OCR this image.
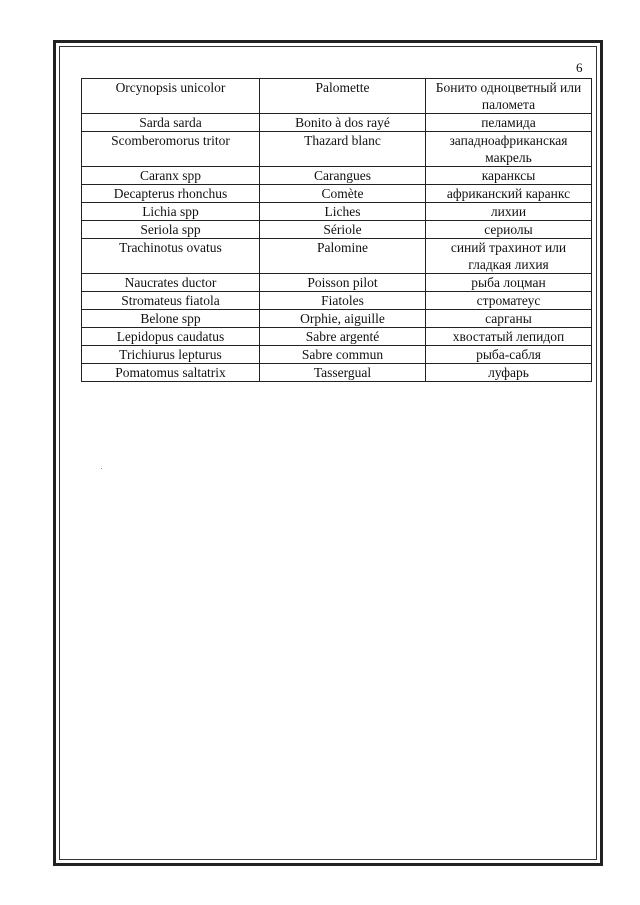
6
Orcynopsis unicolor	Palomette	Бонито одноцветный или паломета
Sarda sarda	Bonito à dos rayé	пеламида
Scomberomorus tritor	Thazard blanc	западноафриканская макрель
Caranx spp	Carangues	каранксы
Decapterus rhonchus	Comète	африканский каранкс
Lichia spp	Liches	лихии
Seriola spp	Sériole	сериолы
Trachinotus ovatus	Palomine	синий трахинот или гладкая лихия
Naucrates ductor	Poisson pilot	рыба лоцман
Stromateus fiatola	Fiatoles	строматеус
Belone spp	Orphie, aiguille	сарганы
Lepidopus caudatus	Sabre argenté	хвостатый лепидоп
Trichiurus lepturus	Sabre commun	рыба-сабля
Pomatomus saltatrix	Tassergual	луфарь
